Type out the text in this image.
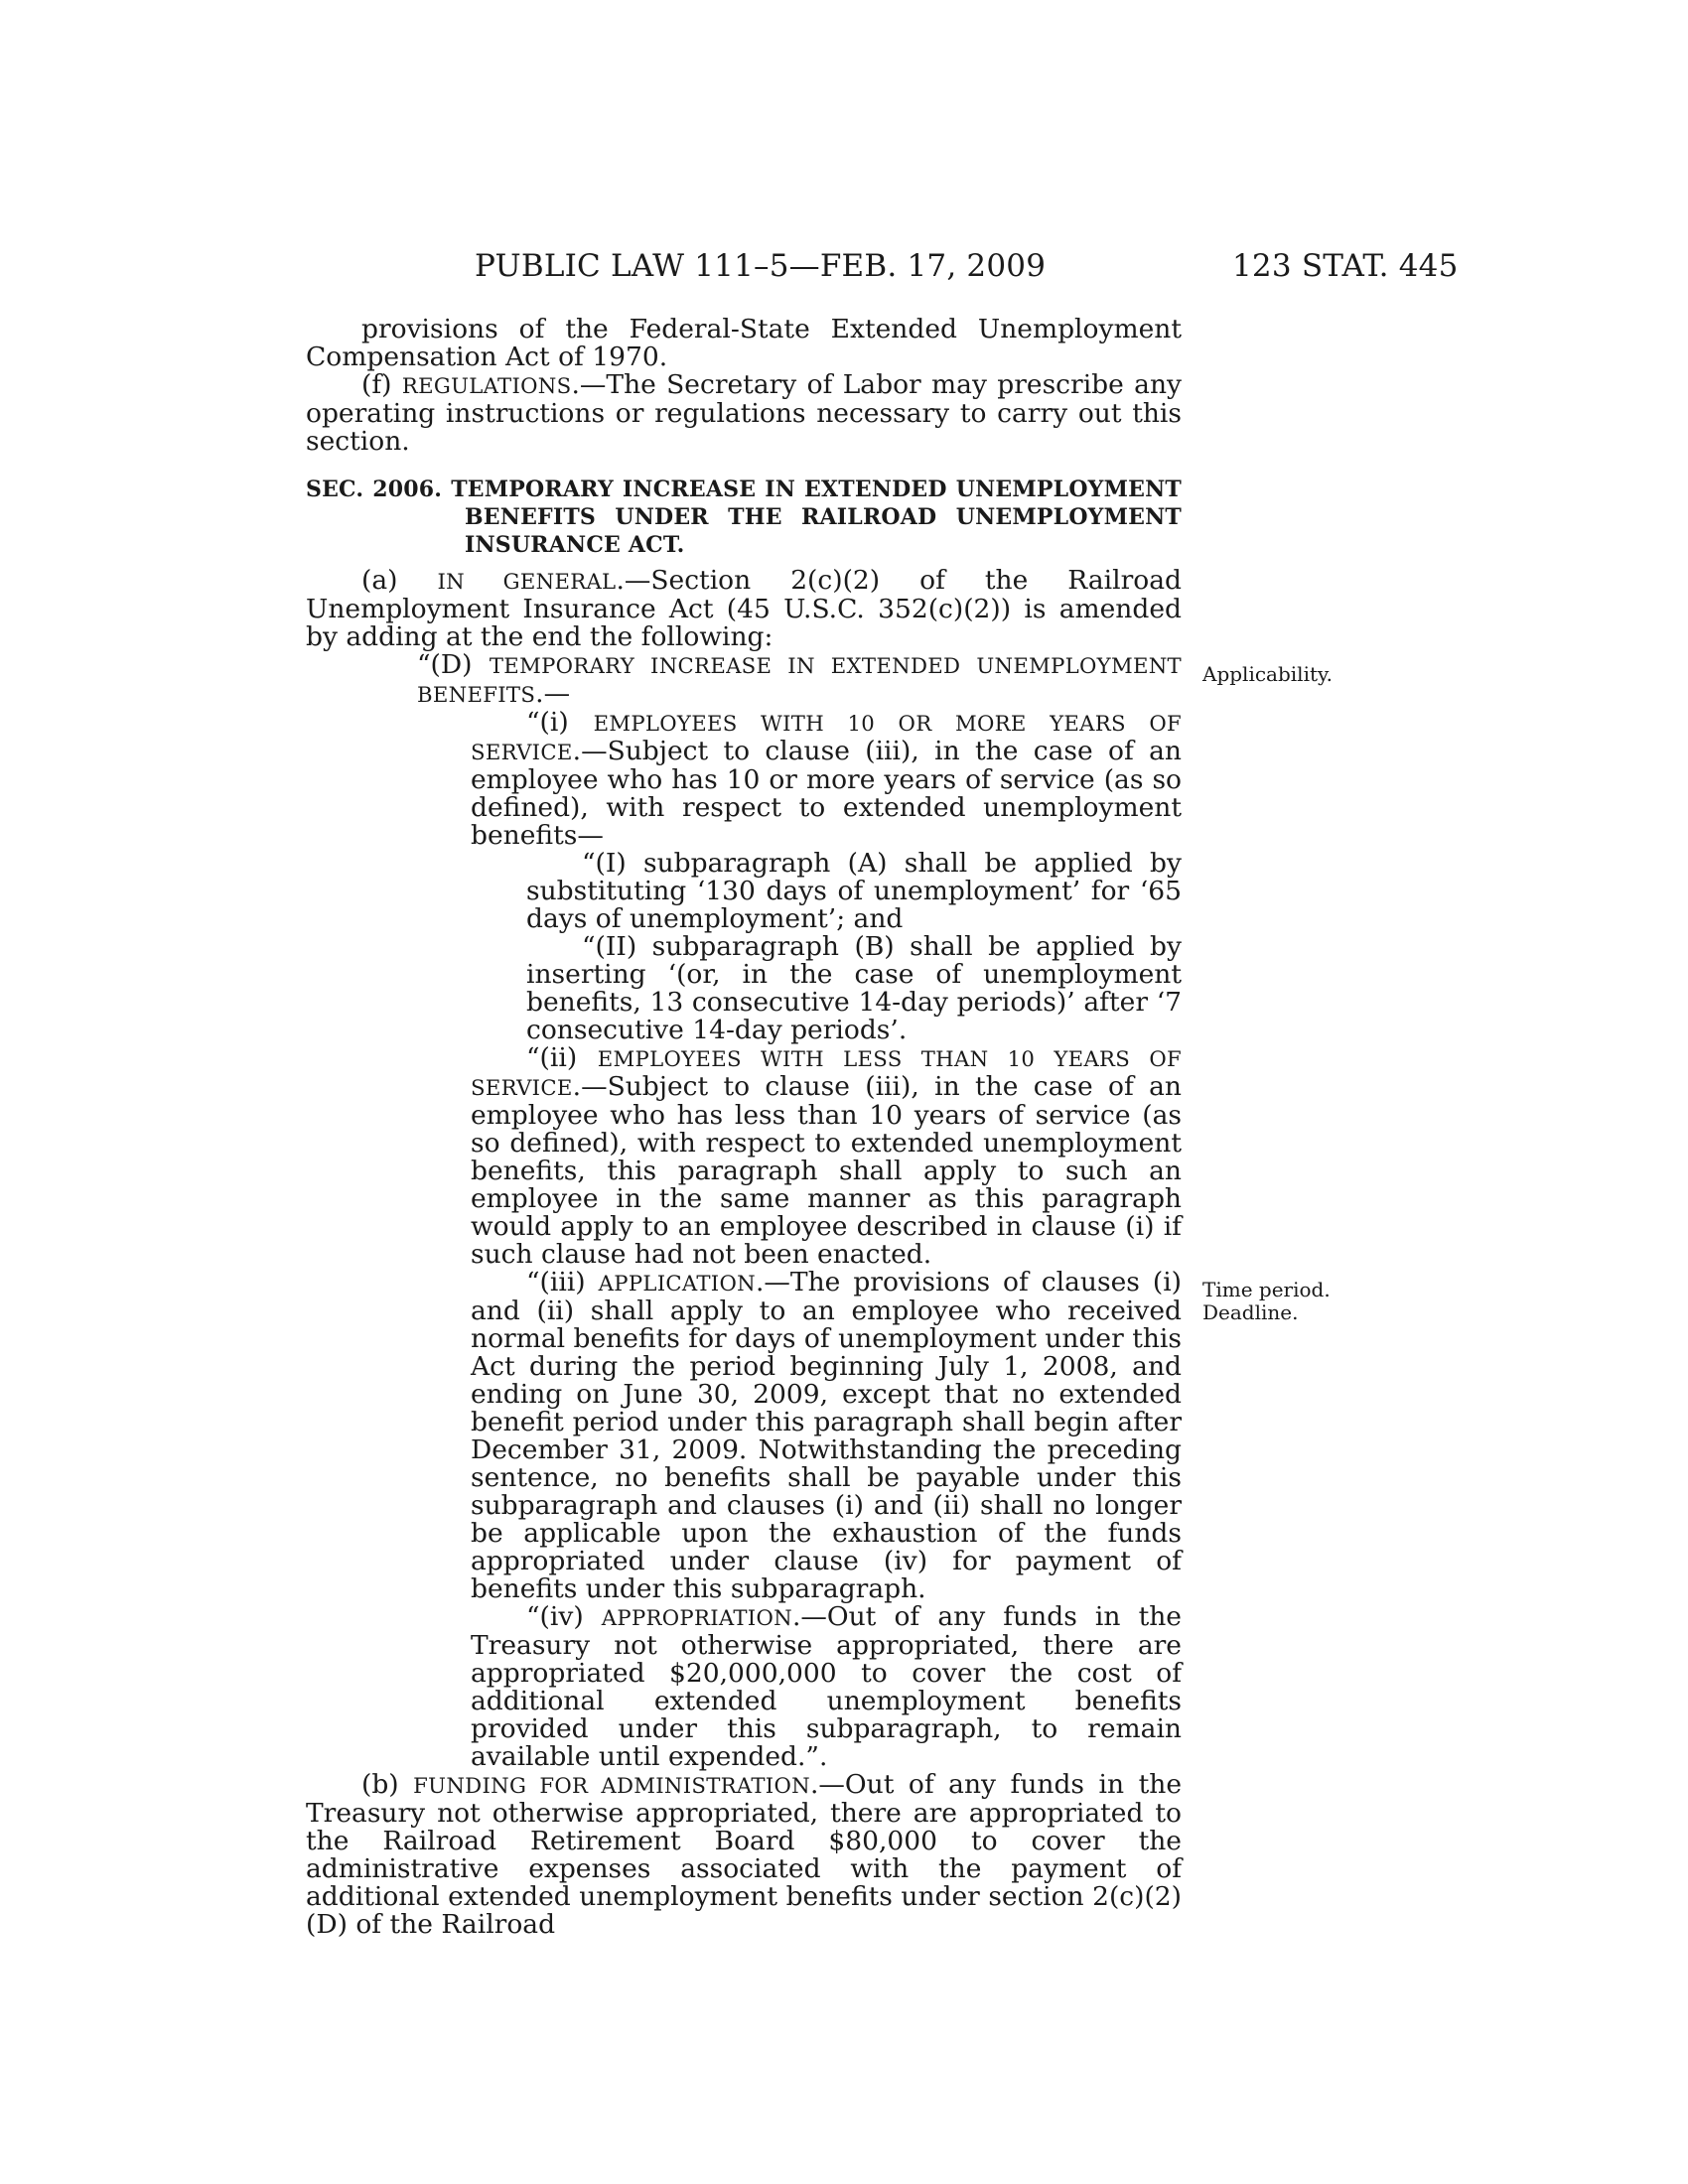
PUBLIC LAW 111–5—FEB. 17, 2009	123 STAT. 445
Applicability.
Time period.
Deadline.

provisions of the Federal-State Extended Unemployment Compensation Act of 1970.

(f) REGULATIONS.—The Secretary of Labor may prescribe any operating instructions or regulations necessary to carry out this section.

SEC. 2006. TEMPORARY INCREASE IN EXTENDED UNEMPLOYMENT BENEFITS UNDER THE RAILROAD UNEMPLOYMENT INSURANCE ACT.

(a) IN GENERAL.—Section 2(c)(2) of the Railroad Unemployment Insurance Act (45 U.S.C. 352(c)(2)) is amended by adding at the end the following:

“(D) TEMPORARY INCREASE IN EXTENDED UNEMPLOYMENT BENEFITS.—

“(i) EMPLOYEES WITH 10 OR MORE YEARS OF SERVICE.—Subject to clause (iii), in the case of an employee who has 10 or more years of service (as so defined), with respect to extended unemployment benefits—

“(I) subparagraph (A) shall be applied by substituting ‘130 days of unemployment’ for ‘65 days of unemployment’; and

“(II) subparagraph (B) shall be applied by inserting ‘(or, in the case of unemployment benefits, 13 consecutive 14-day periods)’ after ‘7 consecutive 14-day periods’.

“(ii) EMPLOYEES WITH LESS THAN 10 YEARS OF SERVICE.—Subject to clause (iii), in the case of an employee who has less than 10 years of service (as so defined), with respect to extended unemployment benefits, this paragraph shall apply to such an employee in the same manner as this paragraph would apply to an employee described in clause (i) if such clause had not been enacted.

“(iii) APPLICATION.—The provisions of clauses (i) and (ii) shall apply to an employee who received normal benefits for days of unemployment under this Act during the period beginning July 1, 2008, and ending on June 30, 2009, except that no extended benefit period under this paragraph shall begin after December 31, 2009. Notwithstanding the preceding sentence, no benefits shall be payable under this subparagraph and clauses (i) and (ii) shall no longer be applicable upon the exhaustion of the funds appropriated under clause (iv) for payment of benefits under this subparagraph.

“(iv) APPROPRIATION.—Out of any funds in the Treasury not otherwise appropriated, there are appropriated $20,000,000 to cover the cost of additional extended unemployment benefits provided under this subparagraph, to remain available until expended.”.

(b) FUNDING FOR ADMINISTRATION.—Out of any funds in the Treasury not otherwise appropriated, there are appropriated to the Railroad Retirement Board $80,000 to cover the administrative expenses associated with the payment of additional extended unemployment benefits under section 2(c)(2)(D) of the Railroad
